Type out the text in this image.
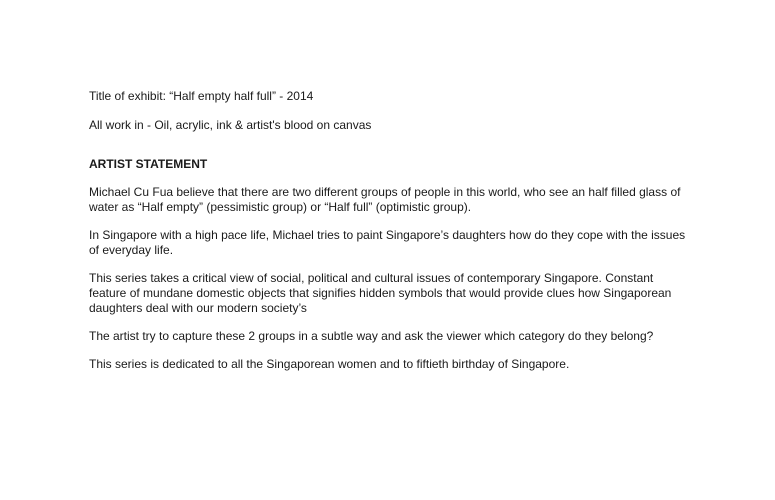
Title of exhibit: “Half empty half full” - 2014

All work in - Oil, acrylic, ink & artist's blood on canvas

ARTIST STATEMENT

Michael Cu Fua believe that there are two different groups of people in this world, who see an half filled glass of

water as “Half empty” (pessimistic group) or “Half full” (optimistic group).

In Singapore with a high pace life, Michael tries to paint Singapore’s daughters how do they cope with the issues

of everyday life.

This series takes a critical view of social, political and cultural issues of contemporary Singapore. Constant

feature of mundane domestic objects that signifies hidden symbols that would provide clues how Singaporean

daughters deal with our modern society’s

The artist try to capture these 2 groups in a subtle way and ask the viewer which category do they belong?

This series is dedicated to all the Singaporean women and to fiftieth birthday of Singapore.
